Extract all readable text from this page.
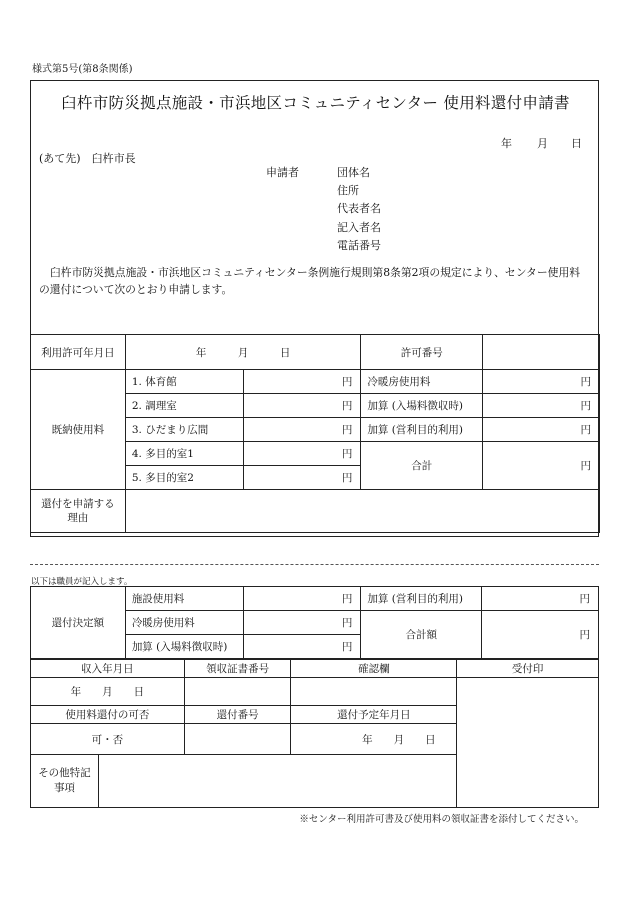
様式第5号(第8条関係)
臼杵市防災拠点施設・市浜地区コミュニティセンター 使用料還付申請書
年 月 日
(あて先)　臼杵市長
申請者	団体名
住所
代表者名
記入者名
電話番号
臼杵市防災拠点施設・市浜地区コミュニティセンター条例施行規則第8条第2項の規定により、センター使用料の還付について次のとおり申請します。
利用許可年月日	年　　　月　　　日		許可番号	
既納使用料	1. 体育館	円	冷暖房使用料	円
	2. 調理室	円	加算 (入場料徴収時)	円
	3. ひだまり広間	円	加算 (営利目的利用)	円
	4. 多目的室1	円	合計	円
	5. 多目的室2	円		
還付を申請する理由				
以下は職員が記入します。
還付決定額	施設使用料	円	加算 (営利目的利用)	円
	冷暖房使用料	円	合計額	円
	加算 (入場料徴収時)	円		
収入年月日		領収証書番号	確認欄	受付印
年　　月　　日				
使用料還付の可否		還付番号	還付予定年月日	
可・否			年　　月　　日	
その他特記事項				
※センター利用許可書及び使用料の領収証書を添付してください。
